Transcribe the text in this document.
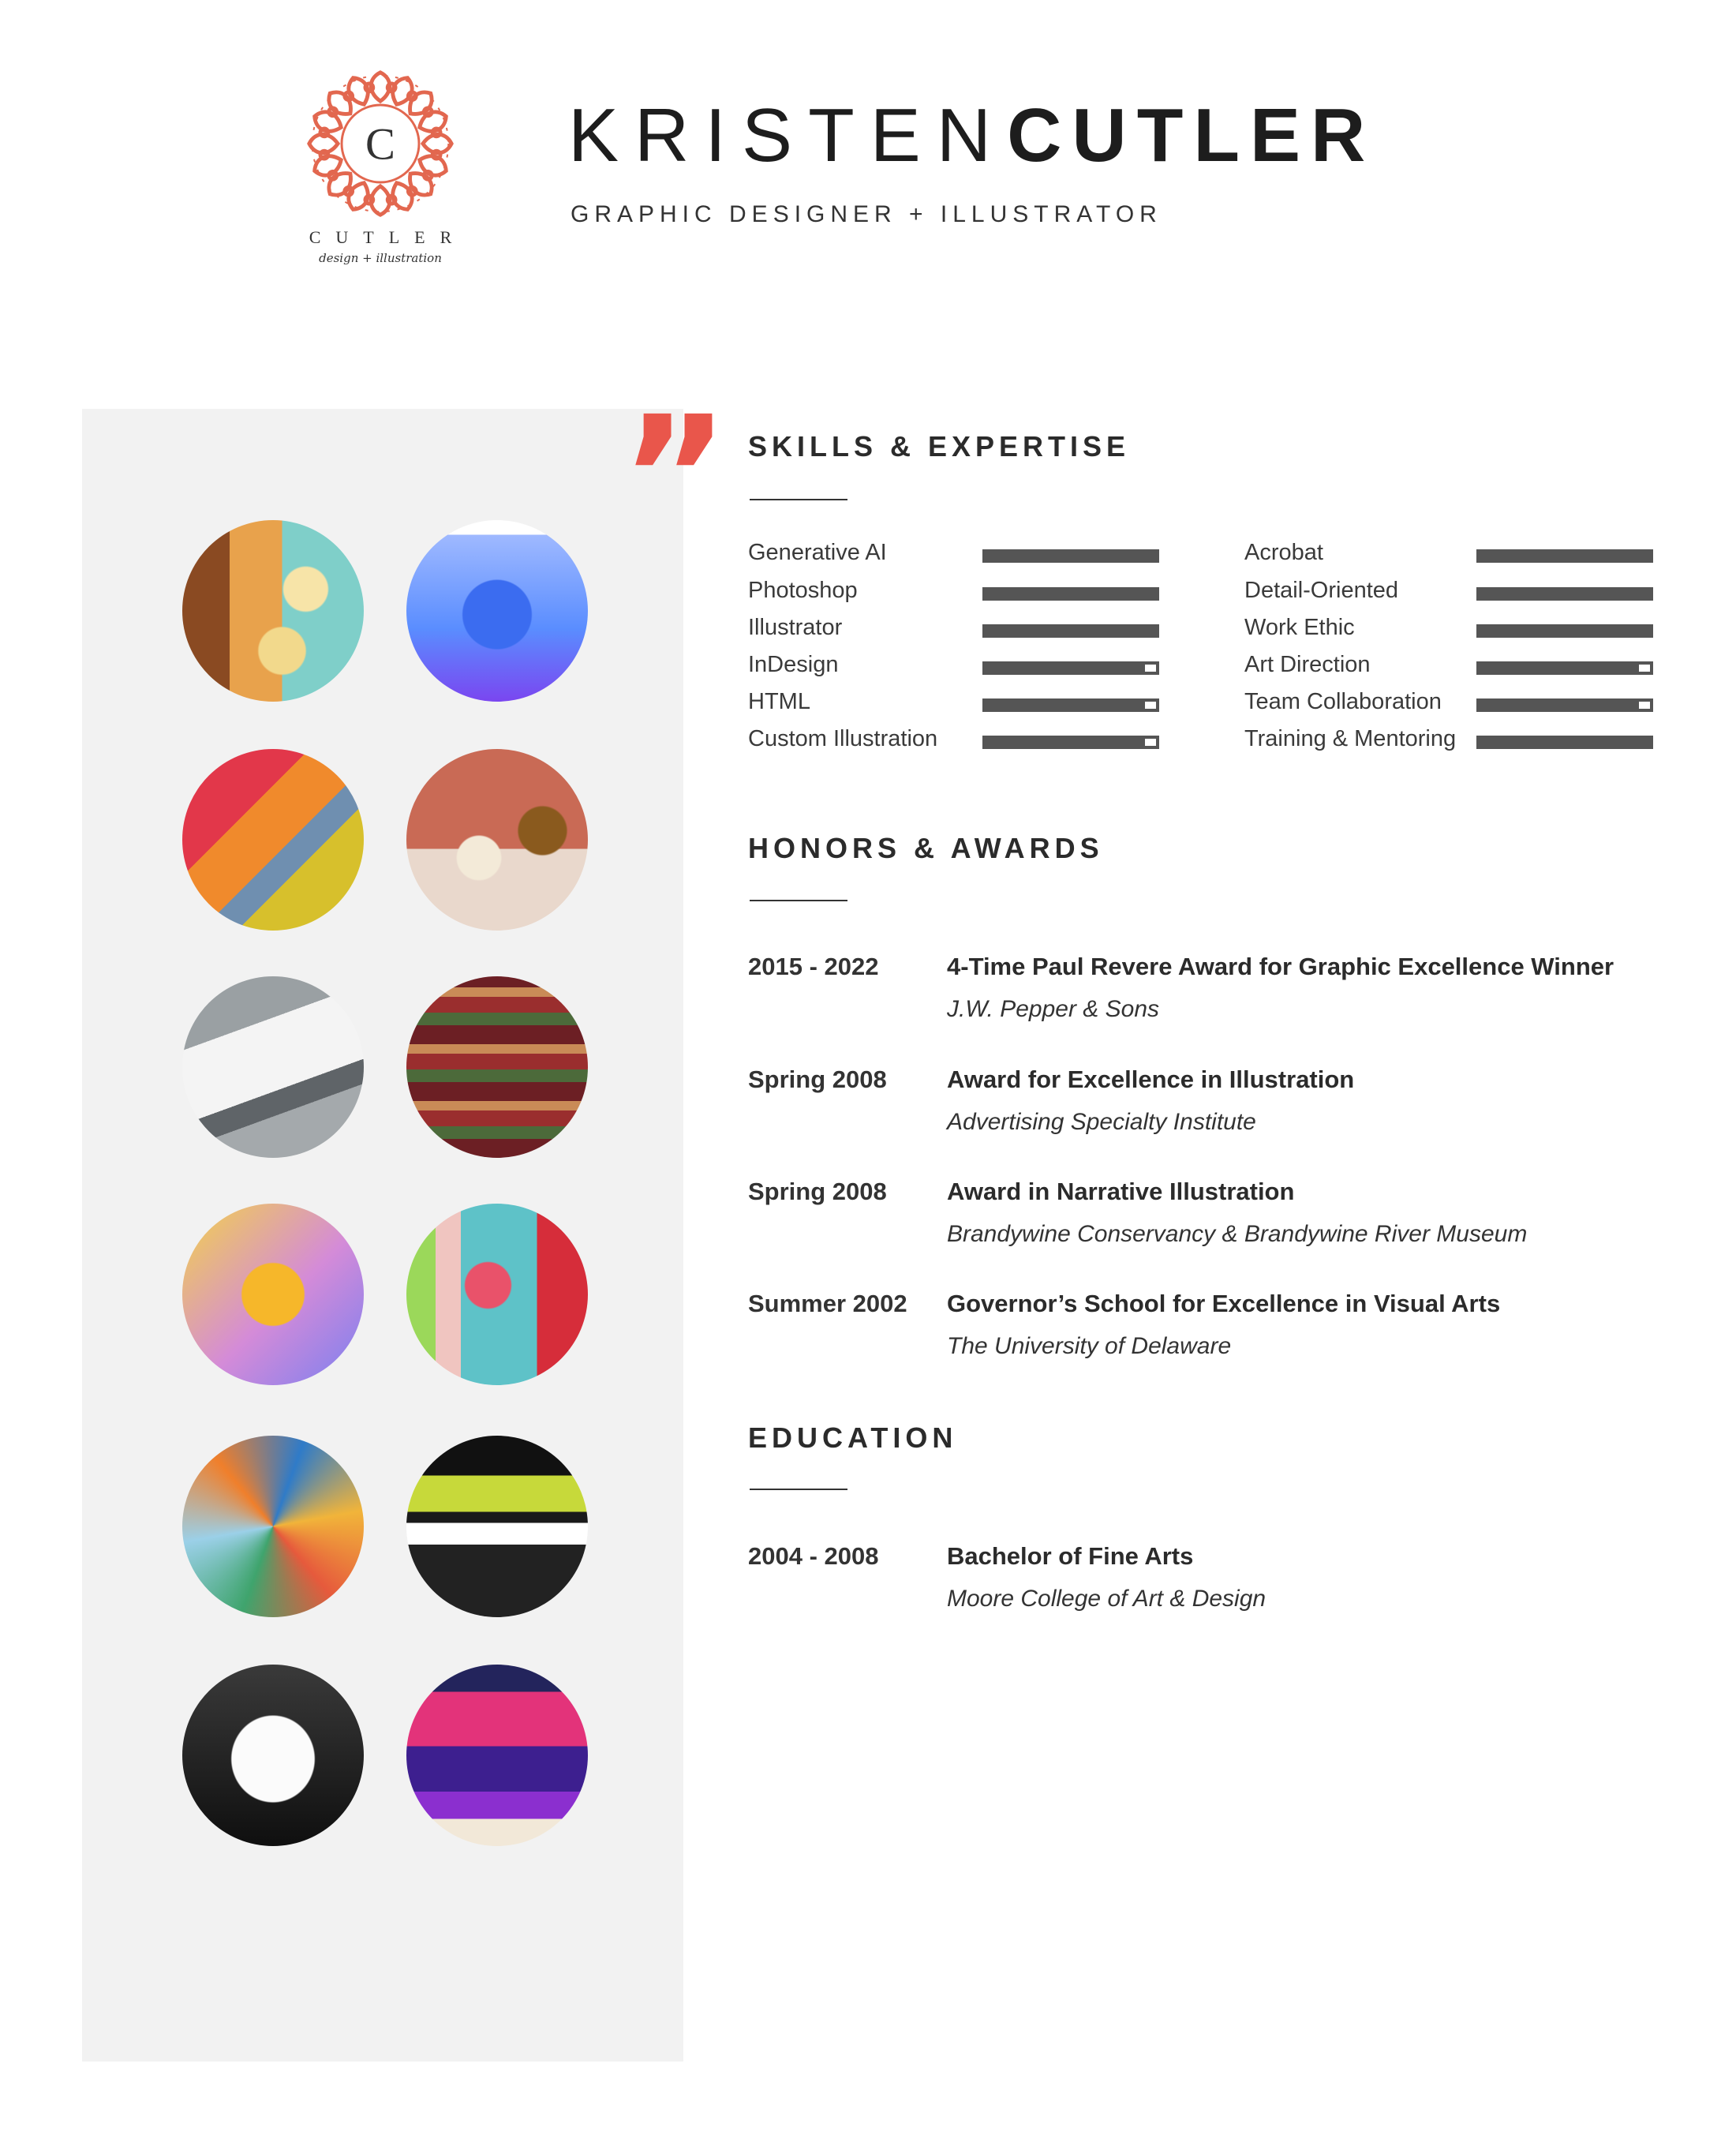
C
CUTLER
design + illustration
KRISTENCUTLER
GRAPHIC DESIGNER + ILLUSTRATOR
” SKILLS & EXPERTISE
Generative AI
Photoshop
Illustrator
InDesign
HTML
Custom Illustration
Acrobat
Detail-Oriented
Work Ethic
Art Direction
Team Collaboration
Training & Mentoring
HONORS & AWARDS
2015 - 2022	4-Time Paul Revere Award for Graphic Excellence Winner
J.W. Pepper & Sons
Spring 2008 Award for Excellence in Illustration
Advertising Specialty Institute
Spring 2008 Award in Narrative Illustration
Brandywine Conservancy & Brandywine River Museum
Summer 2002 Governor’s School for Excellence in Visual Arts
The University of Delaware
EDUCATION
2004 - 2008	Bachelor of Fine Arts
Moore College of Art & Design
